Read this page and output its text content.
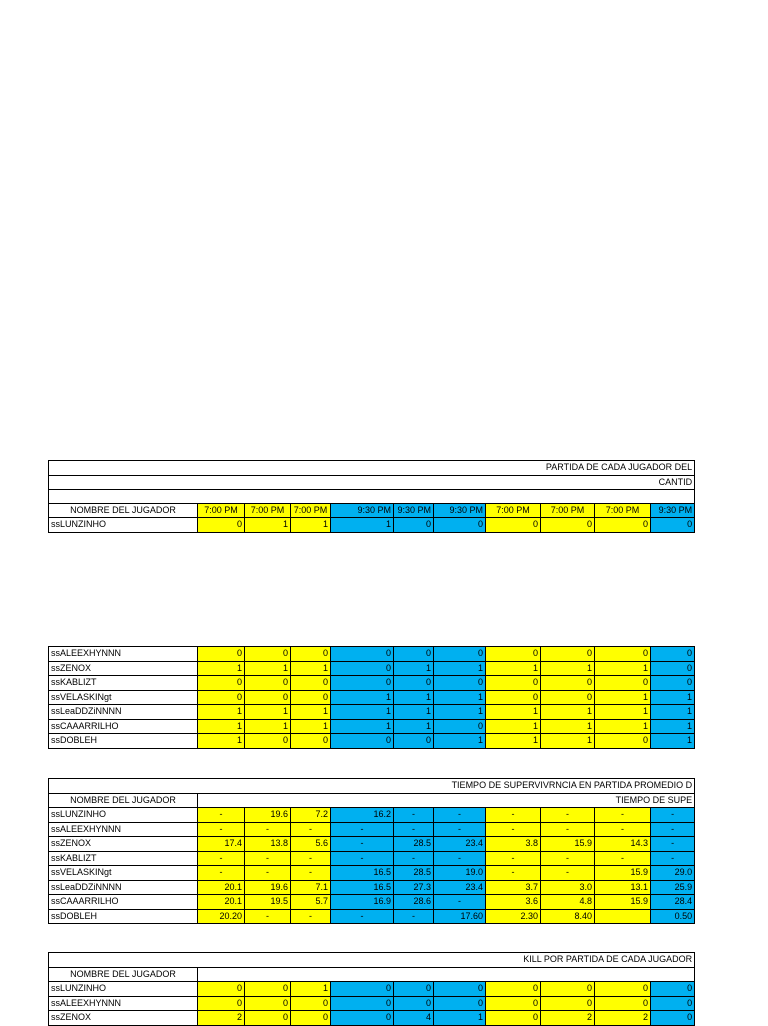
PARTIDA DE CADA JUGADOR DEL										
CANTID										

NOMBRE DEL JUGADOR	7:00 PM	7:00 PM	7:00 PM	9:30 PM	9:30 PM	9:30 PM	7:00 PM	7:00 PM	7:00 PM	9:30 PM
ssLUNZINHO	0	1	1	1	0	0	0	0	0	0
ssALEEXHYNNN	0	0	0	0	0	0	0	0	0	0
ssZENOX	1	1	1	0	1	1	1	1	1	0
ssKABLIZT	0	0	0	0	0	0	0	0	0	0
ssVELASKINgt	0	0	0	1	1	1	0	0	1	1
ssLeaDDZiNNNN	1	1	1	1	1	1	1	1	1	1
ssCAAARRILHO	1	1	1	1	1	0	1	1	1	1
ssDOBLEH	1	0	0	0	0	1	1	1	0	1
TIEMPO DE SUPERVIVRNCIA EN PARTIDA PROMEDIO D										
NOMBRE DEL JUGADOR	TIEMPO DE SUPE									
ssLUNZINHO	-	19.6	7.2	16.2	-	-	-	-	-	-
ssALEEXHYNNN	-	-	-	-	-	-	-	-	-	-
ssZENOX	17.4	13.8	5.6	-	28.5	23.4	3.8	15.9	14.3	-
ssKABLIZT	-	-	-	-	-	-	-	-	-	-
ssVELASKINgt	-	-	-	16.5	28.5	19.0	-	-	15.9	29.0
ssLeaDDZiNNNN	20.1	19.6	7.1	16.5	27.3	23.4	3.7	3.0	13.1	25.9
ssCAAARRILHO	20.1	19.5	5.7	16.9	28.6	-	3.6	4.8	15.9	28.4
ssDOBLEH	20.20	-	-	-	-	17.60	2.30	8.40		0.50
KILL POR PARTIDA DE CADA JUGADOR										
NOMBRE DEL JUGADOR										
ssLUNZINHO	0	0	1	0	0	0	0	0	0	0
ssALEEXHYNNN	0	0	0	0	0	0	0	0	0	0
ssZENOX	2	0	0	0	4	1	0	2	2	0
